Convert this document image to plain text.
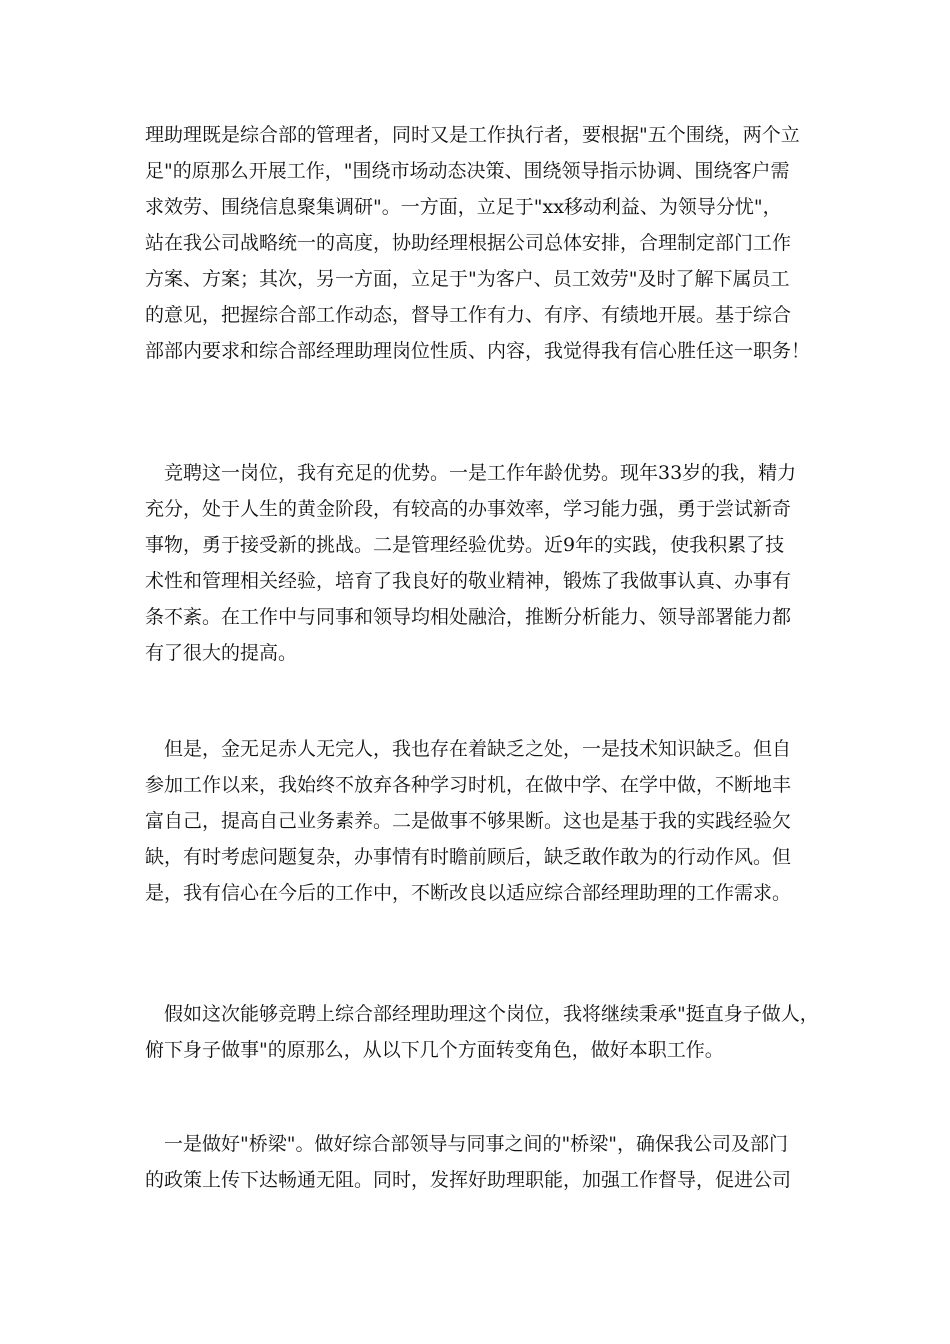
理助理既是综合部的管理者，同时又是工作执行者，要根据"五个围绕，两个立
足"的原那么开展工作，"围绕市场动态决策、围绕领导指示协调、围绕客户需
求效劳、围绕信息聚集调研"。一方面，立足于"xx移动利益、为领导分忧"，
站在我公司战略统一的高度，协助经理根据公司总体安排，合理制定部门工作
方案、方案；其次，另一方面，立足于"为客户、员工效劳"及时了解下属员工
的意见，把握综合部工作动态，督导工作有力、有序、有绩地开展。基于综合
部部内要求和综合部经理助理岗位性质、内容，我觉得我有信心胜任这一职务！
　竞聘这一岗位，我有充足的优势。一是工作年龄优势。现年33岁的我，精力
充分，处于人生的黄金阶段，有较高的办事效率，学习能力强，勇于尝试新奇
事物，勇于接受新的挑战。二是管理经验优势。近9年的实践，使我积累了技
术性和管理相关经验，培育了我良好的敬业精神，锻炼了我做事认真、办事有
条不紊。在工作中与同事和领导均相处融洽，推断分析能力、领导部署能力都
有了很大的提高。
　但是，金无足赤人无完人，我也存在着缺乏之处，一是技术知识缺乏。但自
参加工作以来，我始终不放弃各种学习时机，在做中学、在学中做，不断地丰
富自己，提高自己业务素养。二是做事不够果断。这也是基于我的实践经验欠
缺，有时考虑问题复杂，办事情有时瞻前顾后，缺乏敢作敢为的行动作风。但
是，我有信心在今后的工作中，不断改良以适应综合部经理助理的工作需求。
　假如这次能够竞聘上综合部经理助理这个岗位，我将继续秉承"挺直身子做人，
俯下身子做事"的原那么，从以下几个方面转变角色，做好本职工作。
　一是做好"桥梁"。做好综合部领导与同事之间的"桥梁"，确保我公司及部门
的政策上传下达畅通无阻。同时，发挥好助理职能，加强工作督导，促进公司
